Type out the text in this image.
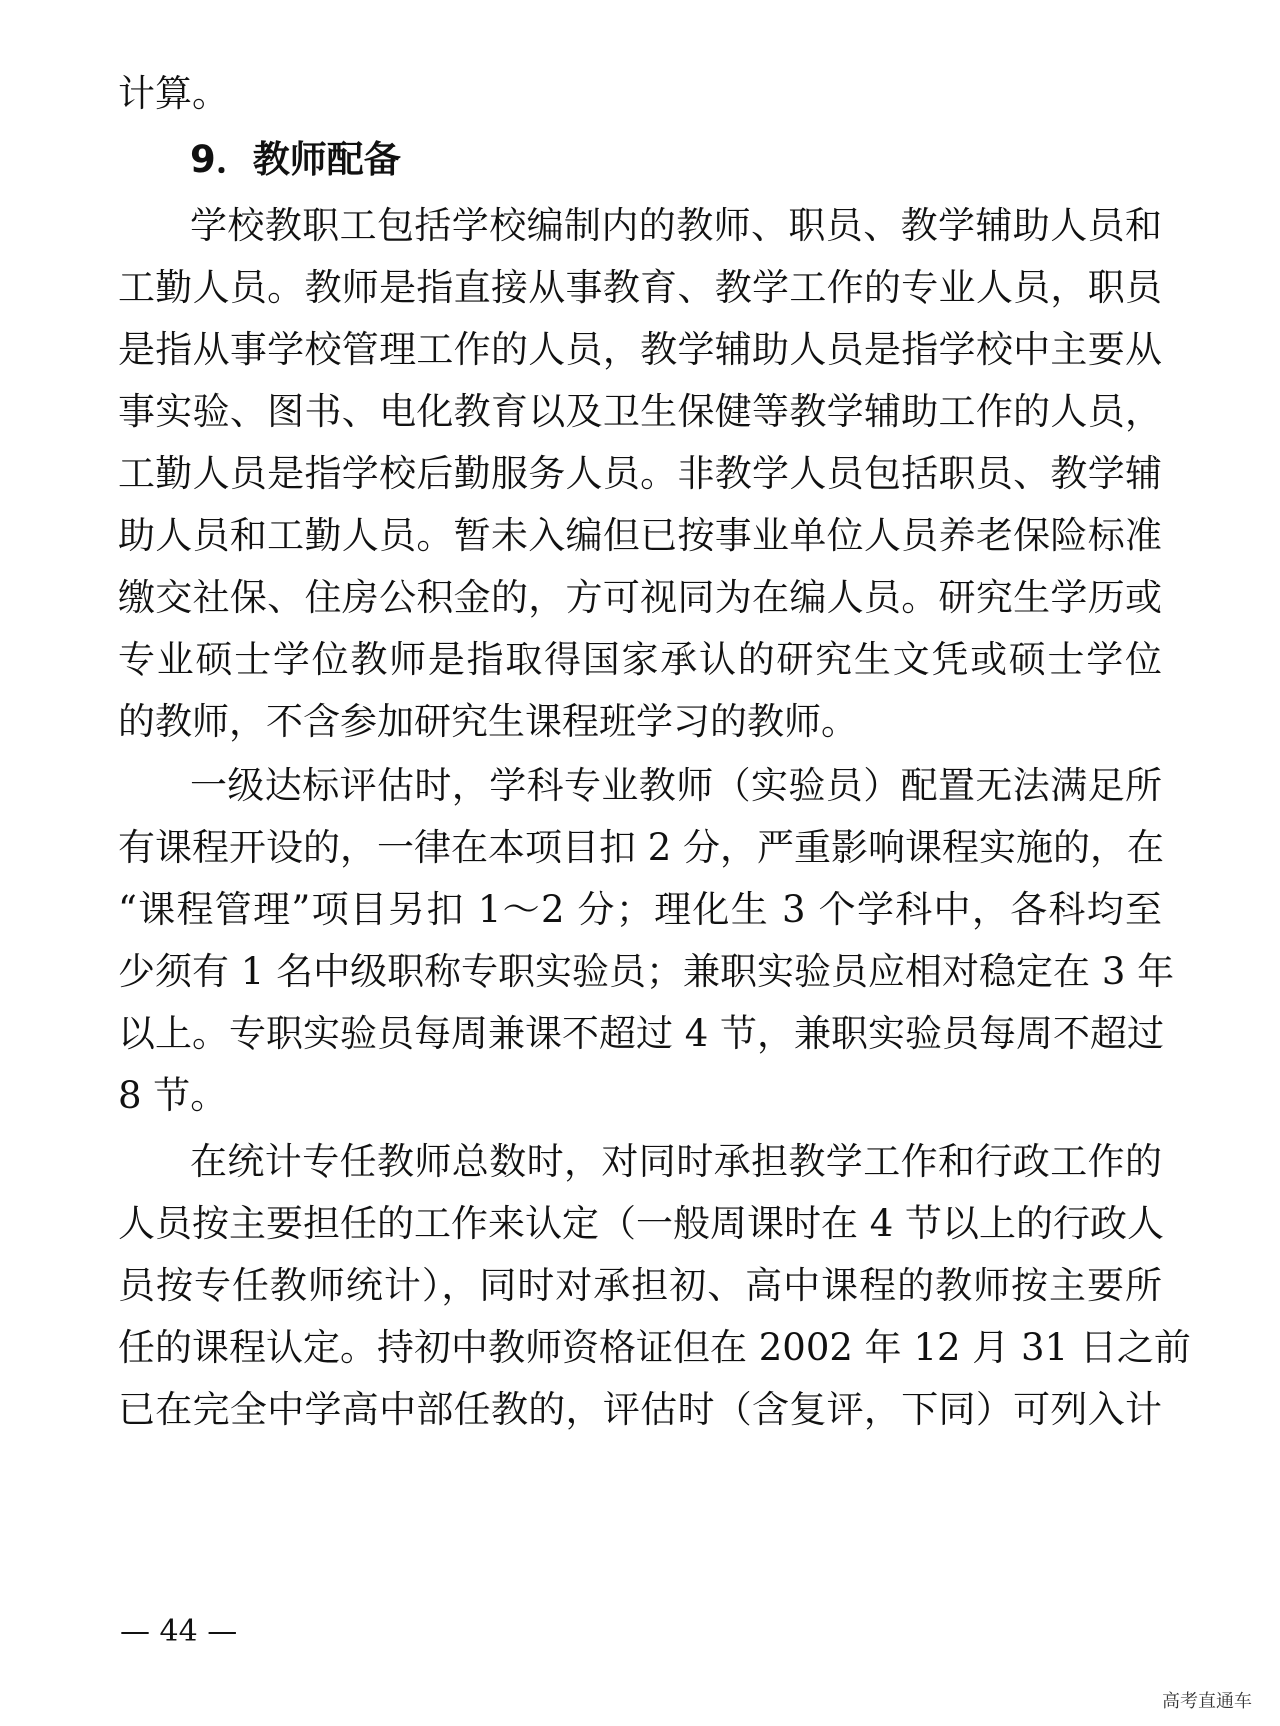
计算。
9．教师配备
学校教职工包括学校编制内的教师、职员、教学辅助人员和
工勤人员。教师是指直接从事教育、教学工作的专业人员，职员
是指从事学校管理工作的人员，教学辅助人员是指学校中主要从
事实验、图书、电化教育以及卫生保健等教学辅助工作的人员，
工勤人员是指学校后勤服务人员。非教学人员包括职员、教学辅
助人员和工勤人员。暂未入编但已按事业单位人员养老保险标准
缴交社保、住房公积金的，方可视同为在编人员。研究生学历或
专业硕士学位教师是指取得国家承认的研究生文凭或硕士学位
的教师，不含参加研究生课程班学习的教师。
一级达标评估时，学科专业教师（实验员）配置无法满足所
有课程开设的，一律在本项目扣 2 分，严重影响课程实施的，在
“课程管理”项目另扣 1～2 分；理化生 3 个学科中，各科均至
少须有 1 名中级职称专职实验员；兼职实验员应相对稳定在 3 年
以上。专职实验员每周兼课不超过 4 节，兼职实验员每周不超过
8 节。
在统计专任教师总数时，对同时承担教学工作和行政工作的
人员按主要担任的工作来认定（一般周课时在 4 节以上的行政人
员按专任教师统计），同时对承担初、高中课程的教师按主要所
任的课程认定。持初中教师资格证但在 2002 年 12 月 31 日之前
已在完全中学高中部任教的，评估时（含复评，下同）可列入计
— 44 —
高考直通车
